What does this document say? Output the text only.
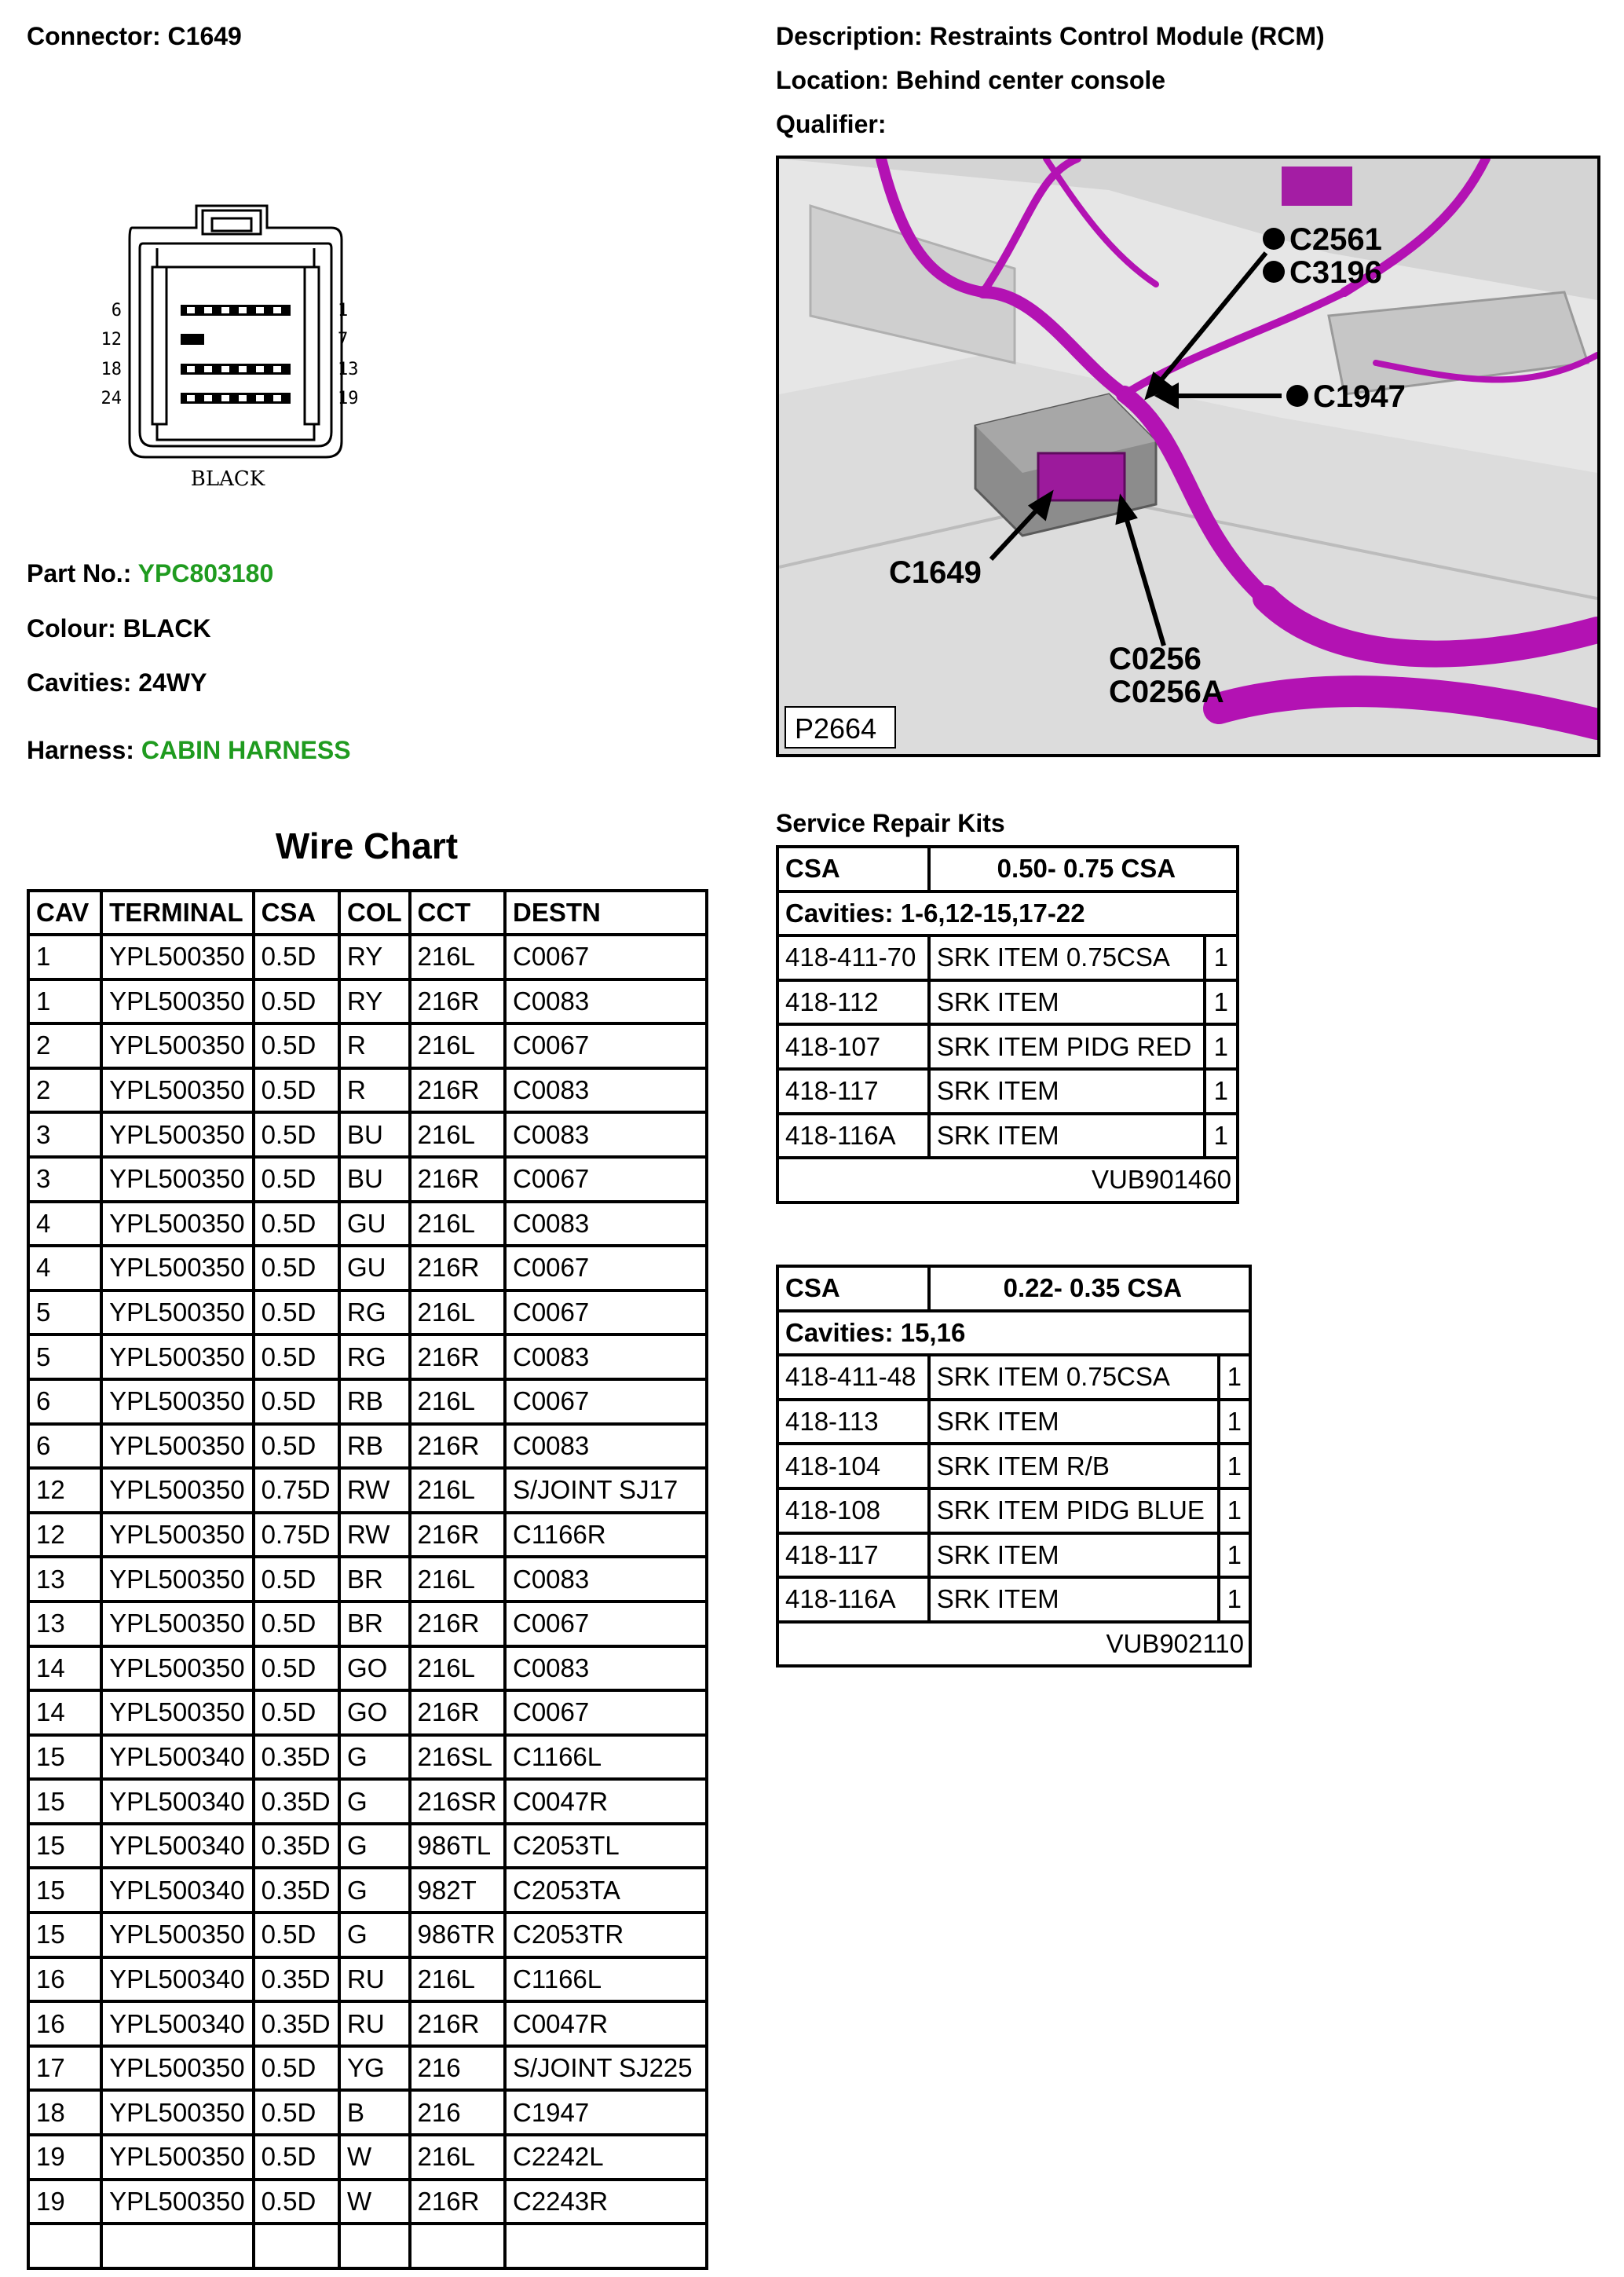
Connector: C1649	Description: Restraints Control Module (RCM)
Location: Behind center console
Qualifier:
6
12
18
24
1
7
13
19
BLACK
Part No.: YPC803180
Colour: BLACK
Cavities: 24WY
Harness: CABIN HARNESS
C2561
C3196
C1947
C1649
C0256
C0256A
P2664
Wire Chart
CAV	TERMINAL	CSA	COL	CCT	DESTN
1	YPL500350	0.5D	RY	216L	C0067
1	YPL500350	0.5D	RY	216R	C0083
2	YPL500350	0.5D	R	216L	C0067
2	YPL500350	0.5D	R	216R	C0083
3	YPL500350	0.5D	BU	216L	C0083
3	YPL500350	0.5D	BU	216R	C0067
4	YPL500350	0.5D	GU	216L	C0083
4	YPL500350	0.5D	GU	216R	C0067
5	YPL500350	0.5D	RG	216L	C0067
5	YPL500350	0.5D	RG	216R	C0083
6	YPL500350	0.5D	RB	216L	C0067
6	YPL500350	0.5D	RB	216R	C0083
12	YPL500350	0.75D	RW	216L	S/JOINT SJ17
12	YPL500350	0.75D	RW	216R	C1166R
13	YPL500350	0.5D	BR	216L	C0083
13	YPL500350	0.5D	BR	216R	C0067
14	YPL500350	0.5D	GO	216L	C0083
14	YPL500350	0.5D	GO	216R	C0067
15	YPL500340	0.35D	G	216SL	C1166L
15	YPL500340	0.35D	G	216SR	C0047R
15	YPL500340	0.35D	G	986TL	C2053TL
15	YPL500340	0.35D	G	982T	C2053TA
15	YPL500350	0.5D	G	986TR	C2053TR
16	YPL500340	0.35D	RU	216L	C1166L
16	YPL500340	0.35D	RU	216R	C0047R
17	YPL500350	0.5D	YG	216	S/JOINT SJ225
18	YPL500350	0.5D	B	216	C1947
19	YPL500350	0.5D	W	216L	C2242L
19	YPL500350	0.5D	W	216R	C2243R

Service Repair Kits
CSA	0.50- 0.75 CSA	
Cavities: 1-6,12-15,17-22		
418-411-70	SRK ITEM 0.75CSA	1
418-112	SRK ITEM	1
418-107	SRK ITEM PIDG RED	1
418-117	SRK ITEM	1
418-116A	SRK ITEM	1
VUB901460		
CSA	0.22- 0.35 CSA	
Cavities: 15,16		
418-411-48	SRK ITEM 0.75CSA	1
418-113	SRK ITEM	1
418-104	SRK ITEM R/B	1
418-108	SRK ITEM PIDG BLUE	1
418-117	SRK ITEM	1
418-116A	SRK ITEM	1
VUB902110		
